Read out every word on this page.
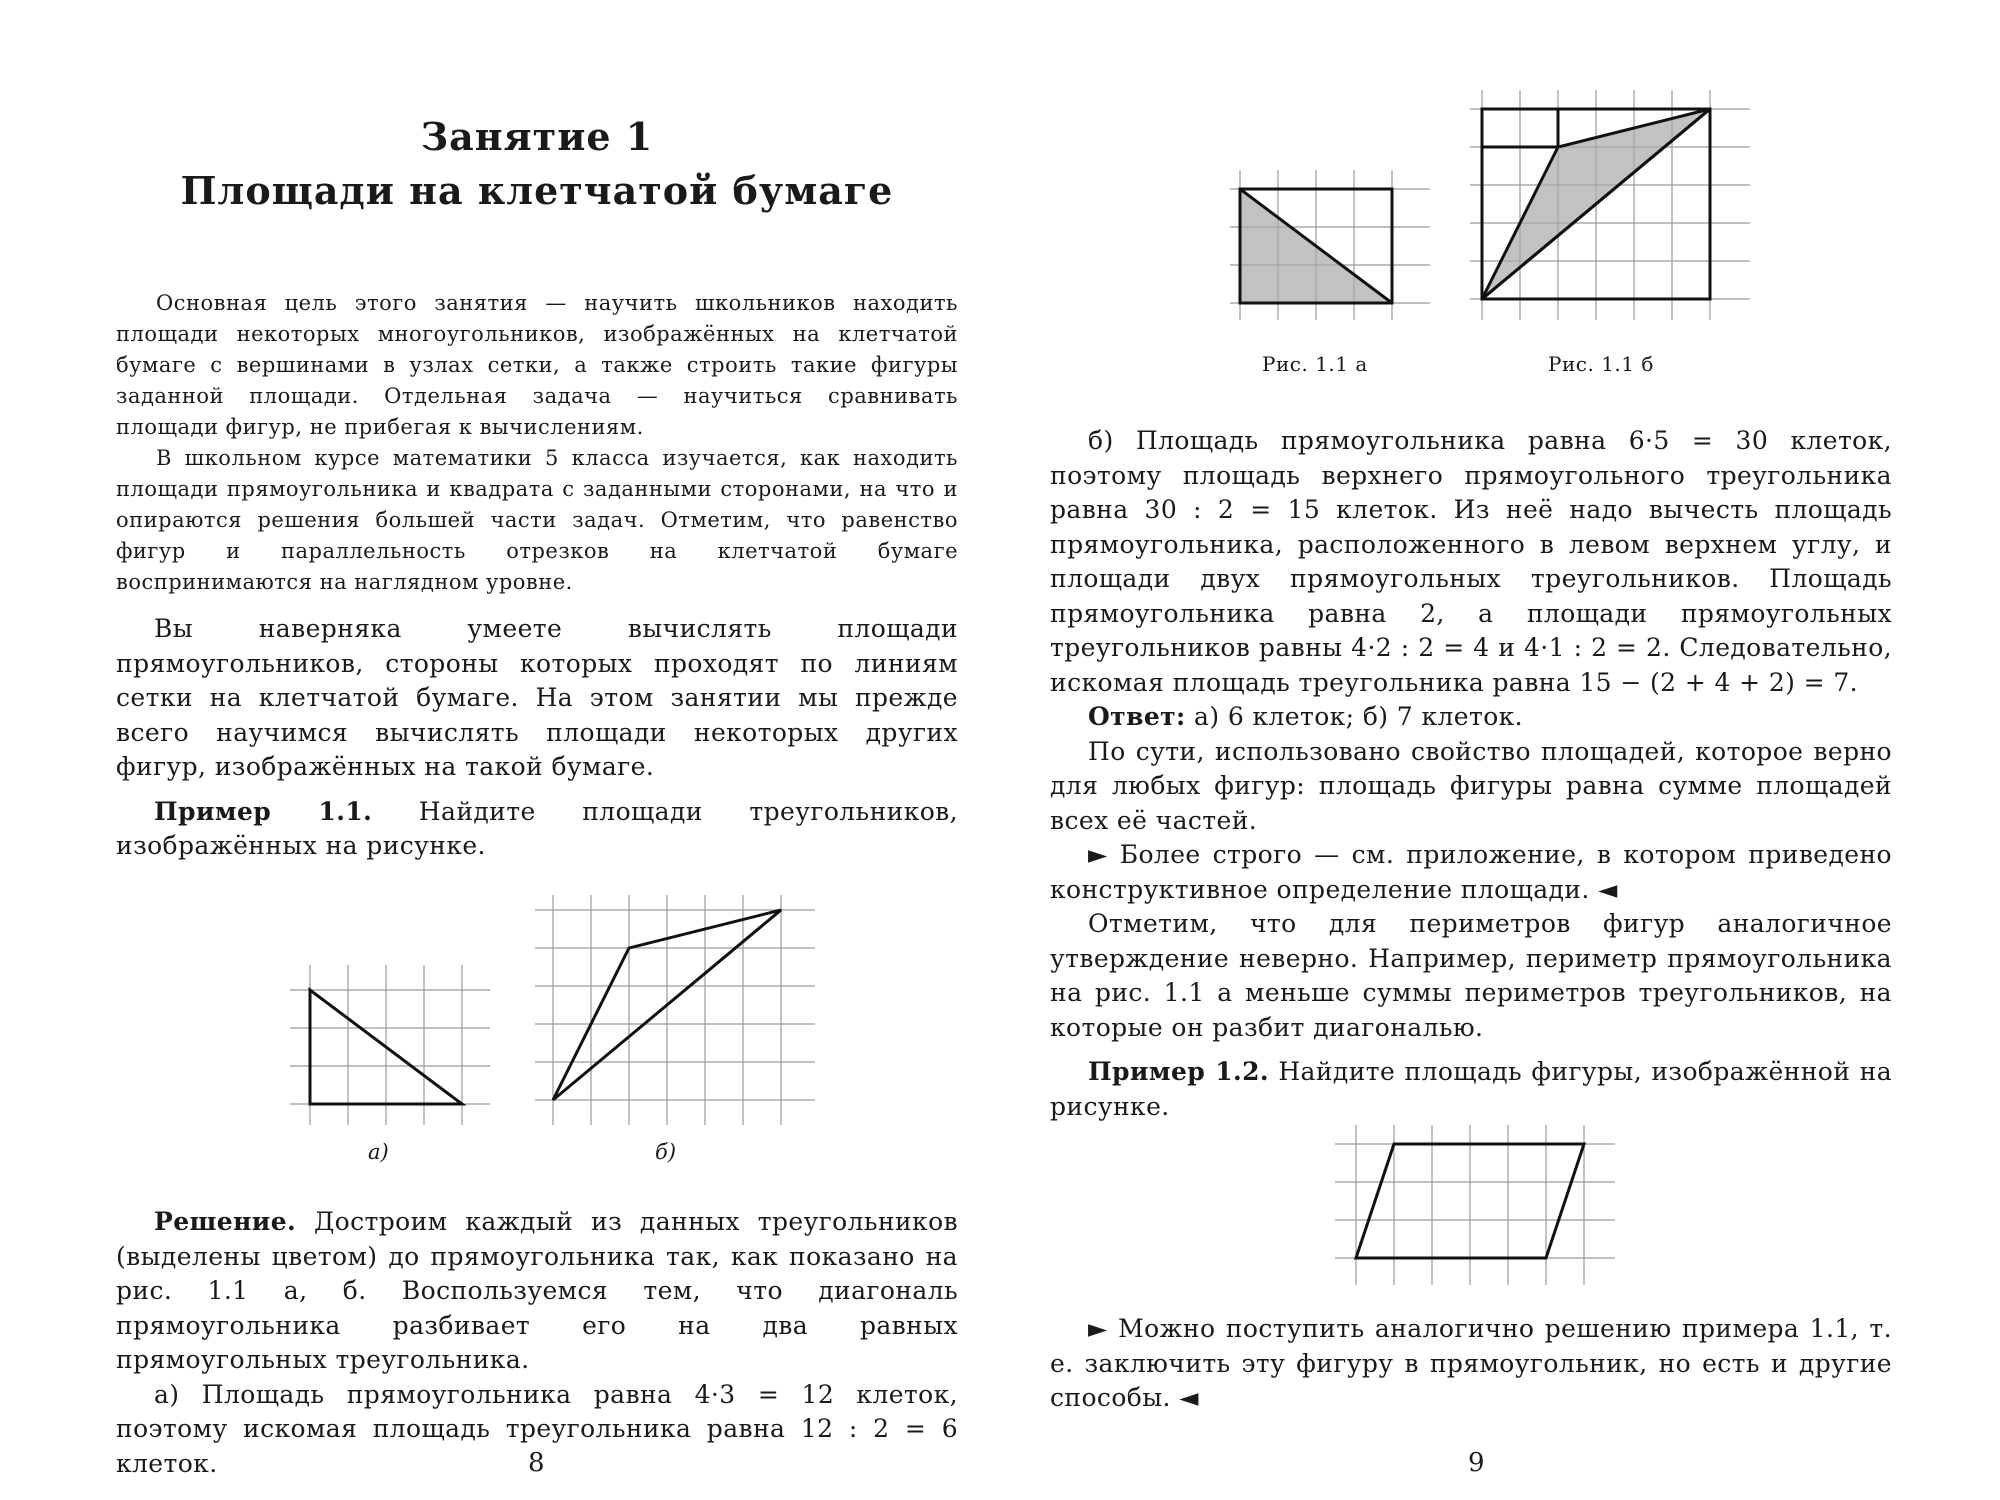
Занятие 1
Площади на клетчатой бумаге

Основная цель этого занятия — научить школьников находить площади некоторых многоугольников, изображённых на клетчатой бумаге с вершинами в узлах сетки, а также строить такие фигуры заданной площади. Отдельная задача — научиться сравнивать площади фигур, не прибегая к вычислениям.

В школьном курсе математики 5 класса изучается, как находить площади прямоугольника и квадрата с заданными сторонами, на что и опираются решения большей части задач. Отметим, что равенство фигур и параллельность отрезков на клетчатой бумаге воспринимаются на наглядном уровне.

Вы наверняка умеете вычислять площади прямоугольников, стороны которых проходят по линиям сетки на клетчатой бумаге. На этом занятии мы прежде всего научимся вычислять площади некоторых других фигур, изображённых на такой бумаге.

Пример 1.1. Найдите площади треугольников, изображённых на рисунке.

а)	б)

Решение. Достроим каждый из данных треугольников (выделены цветом) до прямоугольника так, как показано на рис. 1.1 а, б. Воспользуемся тем, что диагональ прямоугольника разбивает его на два равных прямоугольных треугольника.

а) Площадь прямоугольника равна 4·3 = 12 клеток, поэтому искомая площадь треугольника равна 12 : 2 = 6 клеток.	8
Рис. 1.1 а	Рис. 1.1 б

б) Площадь прямоугольника равна 6·5 = 30 клеток, поэтому площадь верхнего прямоугольного треугольника равна 30 : 2 = 15 клеток. Из неё надо вычесть площадь прямоугольника, расположенного в левом верхнем углу, и площади двух прямоугольных треугольников. Площадь прямоугольника равна 2, а площади прямоугольных треугольников равны 4·2 : 2 = 4 и 4·1 : 2 = 2. Следовательно, искомая площадь треугольника равна 15 − (2 + 4 + 2) = 7.

Ответ: а) 6 клеток; б) 7 клеток.

По сути, использовано свойство площадей, которое верно для любых фигур: площадь фигуры равна сумме площадей всех её частей.

► Более строго — см. приложение, в котором приведено конструктивное определение площади. ◄

Отметим, что для периметров фигур аналогичное утверждение неверно. Например, периметр прямоугольника на рис. 1.1 а меньше суммы периметров треугольников, на которые он разбит диагональю.

Пример 1.2. Найдите площадь фигуры, изображённой на рисунке.

► Можно поступить аналогично решению примера 1.1, т. е. заключить эту фигуру в прямоугольник, но есть и другие способы. ◄

9
